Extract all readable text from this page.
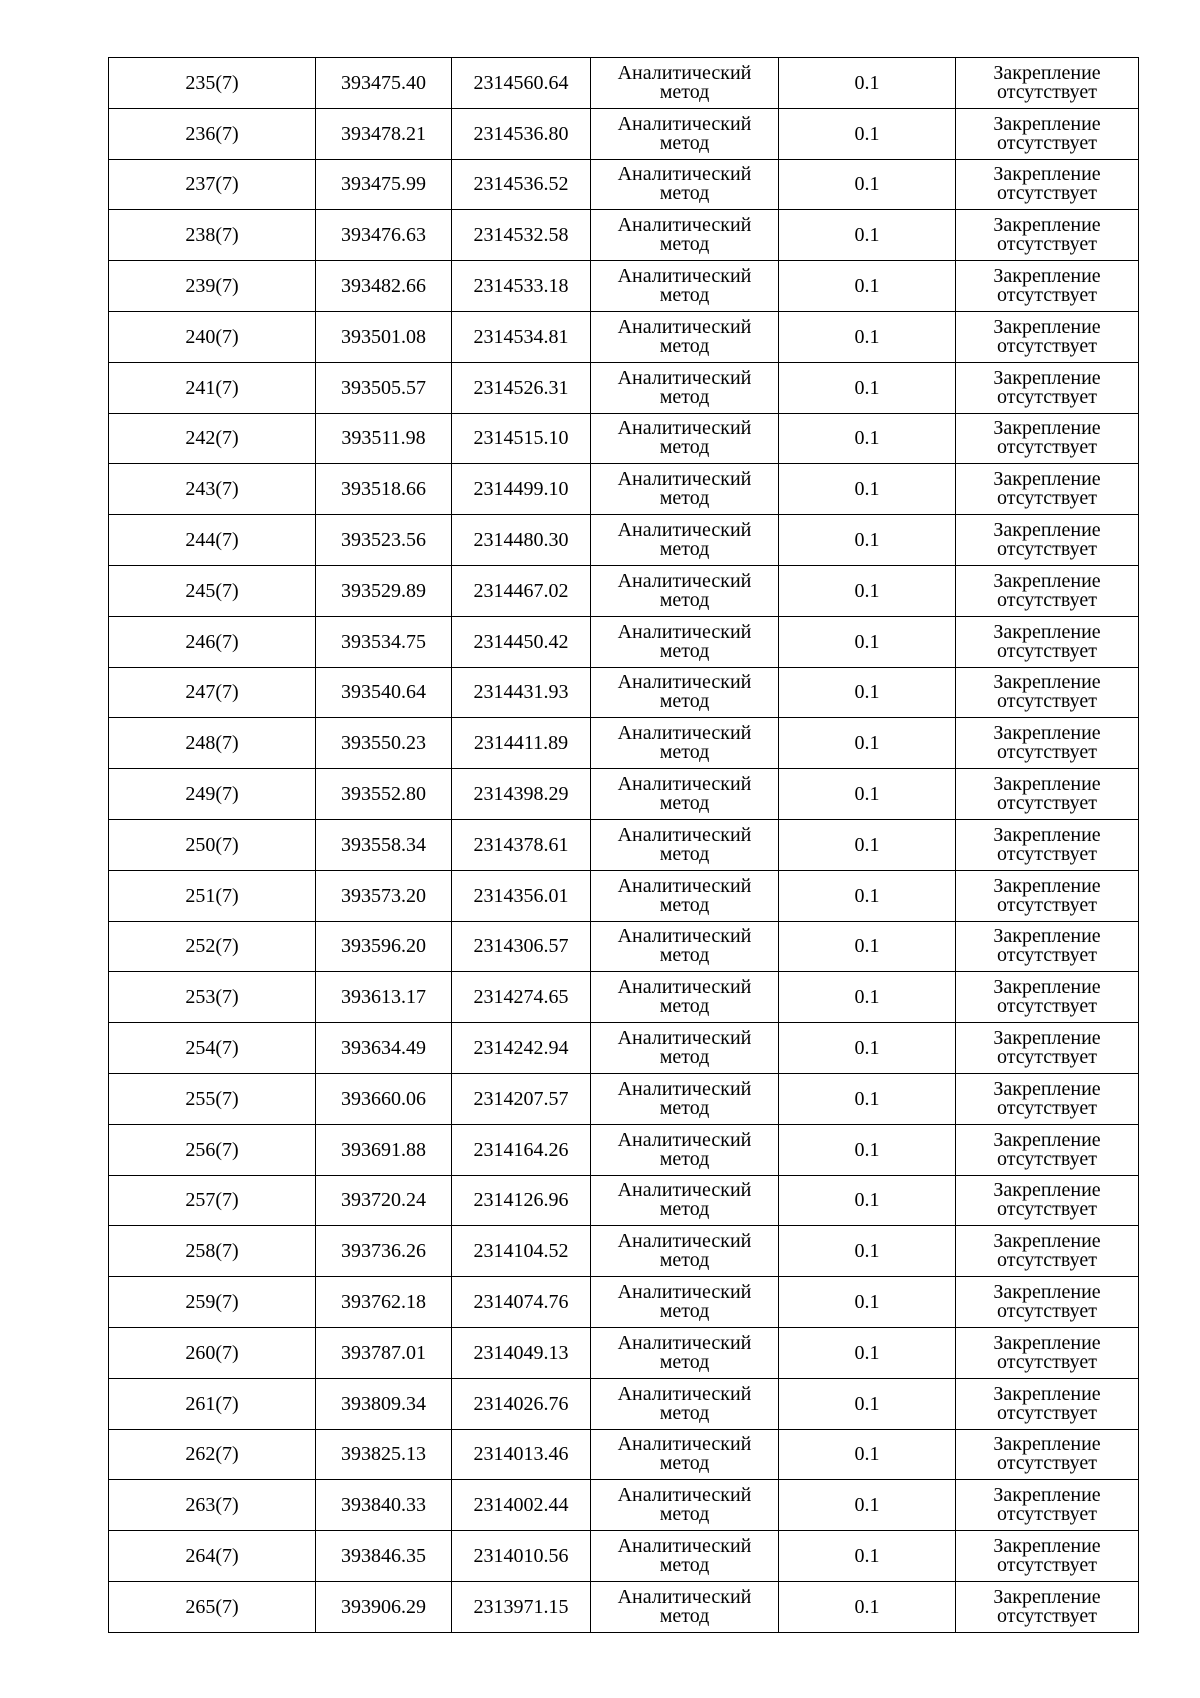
235(7)	393475.40	2314560.64	Аналитический
метод	0.1	Закрепление
отсутствует

236(7)	393478.21	2314536.80	Аналитический
метод	0.1	Закрепление
отсутствует

237(7)	393475.99	2314536.52	Аналитический
метод	0.1	Закрепление
отсутствует

238(7)	393476.63	2314532.58	Аналитический
метод	0.1	Закрепление
отсутствует

239(7)	393482.66	2314533.18	Аналитический
метод	0.1	Закрепление
отсутствует

240(7)	393501.08	2314534.81	Аналитический
метод	0.1	Закрепление
отсутствует

241(7)	393505.57	2314526.31	Аналитический
метод	0.1	Закрепление
отсутствует

242(7)	393511.98	2314515.10	Аналитический
метод	0.1	Закрепление
отсутствует

243(7)	393518.66	2314499.10	Аналитический
метод	0.1	Закрепление
отсутствует

244(7)	393523.56	2314480.30	Аналитический
метод	0.1	Закрепление
отсутствует

245(7)	393529.89	2314467.02	Аналитический
метод	0.1	Закрепление
отсутствует

246(7)	393534.75	2314450.42	Аналитический
метод	0.1	Закрепление
отсутствует

247(7)	393540.64	2314431.93	Аналитический
метод	0.1	Закрепление
отсутствует

248(7)	393550.23	2314411.89	Аналитический
метод	0.1	Закрепление
отсутствует

249(7)	393552.80	2314398.29	Аналитический
метод	0.1	Закрепление
отсутствует

250(7)	393558.34	2314378.61	Аналитический
метод	0.1	Закрепление
отсутствует

251(7)	393573.20	2314356.01	Аналитический
метод	0.1	Закрепление
отсутствует

252(7)	393596.20	2314306.57	Аналитический
метод	0.1	Закрепление
отсутствует

253(7)	393613.17	2314274.65	Аналитический
метод	0.1	Закрепление
отсутствует

254(7)	393634.49	2314242.94	Аналитический
метод	0.1	Закрепление
отсутствует

255(7)	393660.06	2314207.57	Аналитический
метод	0.1	Закрепление
отсутствует

256(7)	393691.88	2314164.26	Аналитический
метод	0.1	Закрепление
отсутствует

257(7)	393720.24	2314126.96	Аналитический
метод	0.1	Закрепление
отсутствует

258(7)	393736.26	2314104.52	Аналитический
метод	0.1	Закрепление
отсутствует

259(7)	393762.18	2314074.76	Аналитический
метод	0.1	Закрепление
отсутствует

260(7)	393787.01	2314049.13	Аналитический
метод	0.1	Закрепление
отсутствует

261(7)	393809.34	2314026.76	Аналитический
метод	0.1	Закрепление
отсутствует

262(7)	393825.13	2314013.46	Аналитический
метод	0.1	Закрепление
отсутствует

263(7)	393840.33	2314002.44	Аналитический
метод	0.1	Закрепление
отсутствует

264(7)	393846.35	2314010.56	Аналитический
метод	0.1	Закрепление
отсутствует

265(7)	393906.29	2313971.15	Аналитический
метод	0.1	Закрепление
отсутствует
